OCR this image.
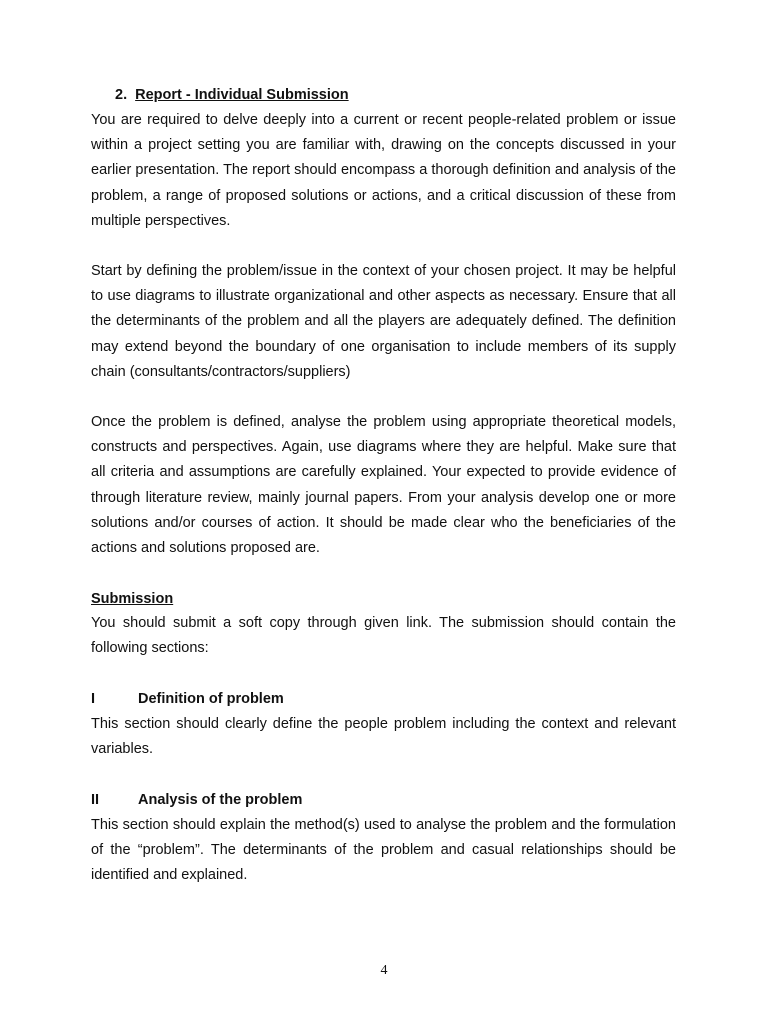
2. Report - Individual Submission

You are required to delve deeply into a current or recent people-related problem or issue within a project setting you are familiar with, drawing on the concepts discussed in your earlier presentation. The report should encompass a thorough definition and analysis of the problem, a range of proposed solutions or actions, and a critical discussion of these from multiple perspectives.

Start by defining the problem/issue in the context of your chosen project. It may be helpful to use diagrams to illustrate organizational and other aspects as necessary. Ensure that all the determinants of the problem and all the players are adequately defined. The definition may extend beyond the boundary of one organisation to include members of its supply chain (consultants/contractors/suppliers)

Once the problem is defined, analyse the problem using appropriate theoretical models, constructs and perspectives. Again, use diagrams where they are helpful. Make sure that all criteria and assumptions are carefully explained. Your expected to provide evidence of through literature review, mainly journal papers. From your analysis develop one or more solutions and/or courses of action. It should be made clear who the beneficiaries of the actions and solutions proposed are.

Submission

You should submit a soft copy through given link. The submission should contain the following sections:

I	Definition of problem

This section should clearly define the people problem including the context and relevant variables.

II	Analysis of the problem

This section should explain the method(s) used to analyse the problem and the formulation of the “problem”. The determinants of the problem and casual relationships should be identified and explained.

4
